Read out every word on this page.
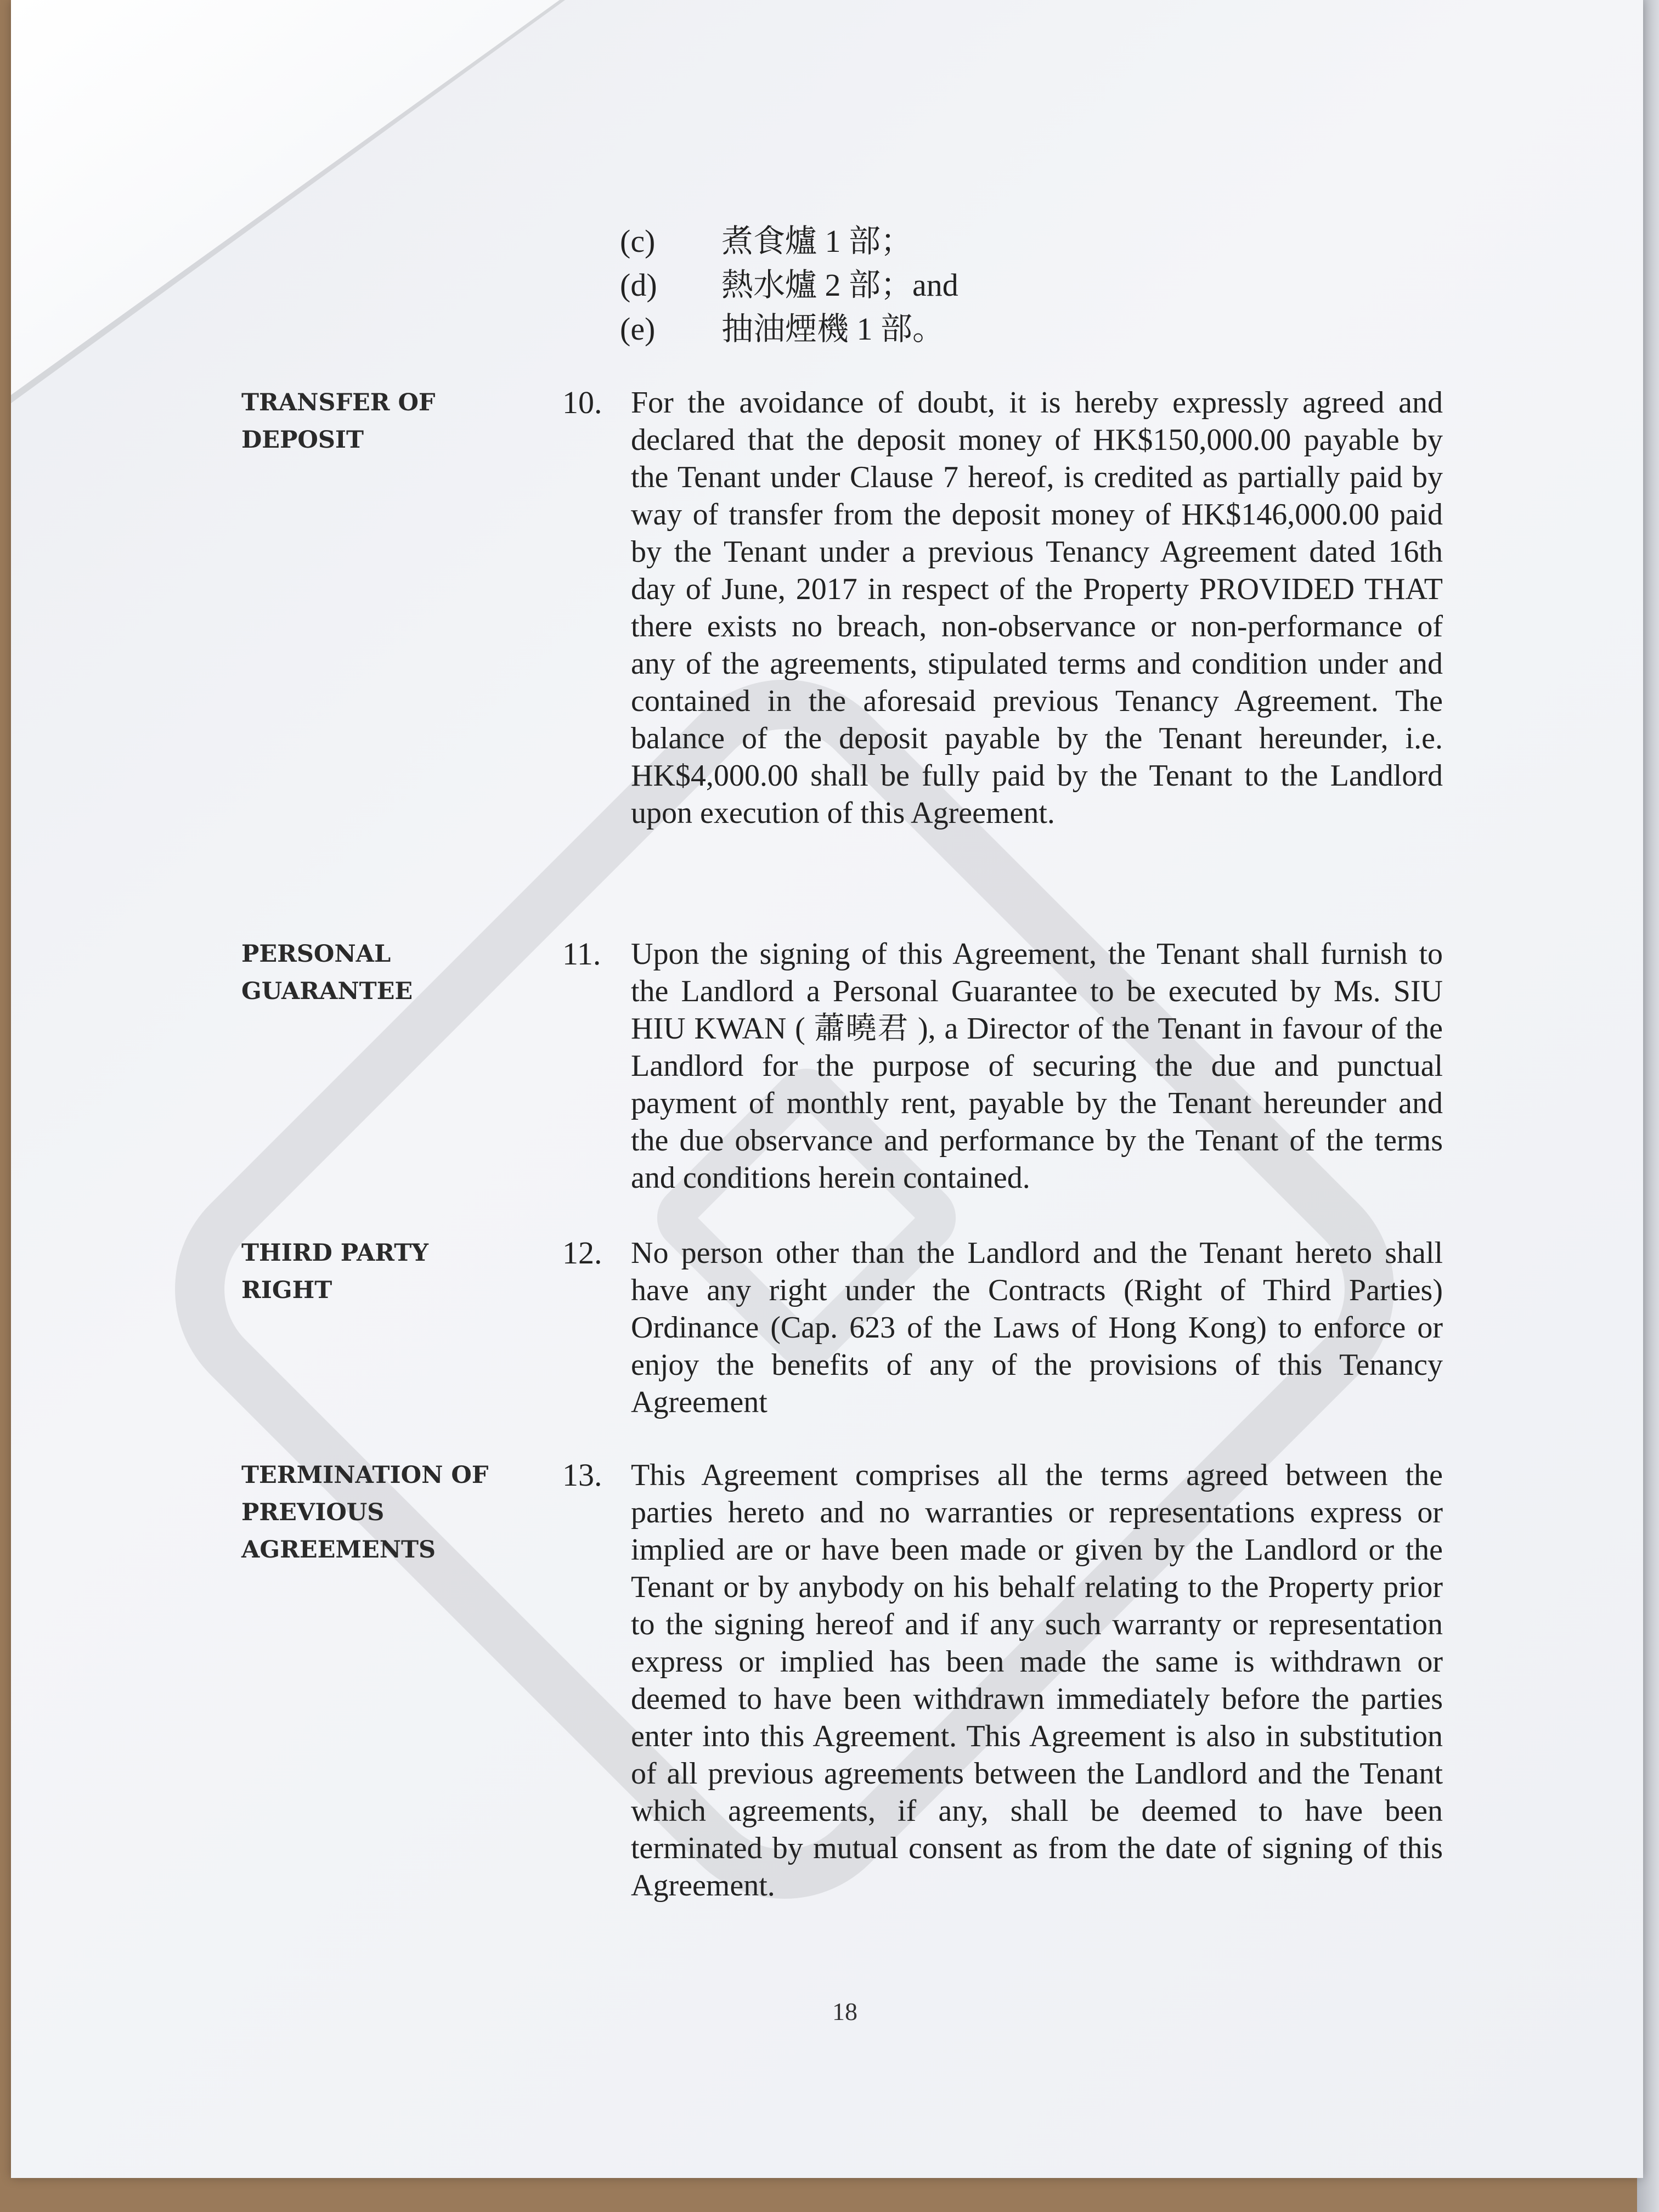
(c)	煮食爐 1 部；
(d)	熱水爐 2 部；and
(e)	抽油煙機 1 部。
TRANSFER OF DEPOSIT
10. For the avoidance of doubt, it is hereby expressly agreed and declared that the deposit money of HK$150,000.00 payable by the Tenant under Clause 7 hereof, is credited as partially paid by way of transfer from the deposit money of HK$146,000.00 paid by the Tenant under a previous Tenancy Agreement dated 16th day of June, 2017 in respect of the Property PROVIDED THAT there exists no breach, non-observance or non-performance of any of the agreements, stipulated terms and condition under and contained in the aforesaid previous Tenancy Agreement. The balance of the deposit payable by the Tenant hereunder, i.e. HK$4,000.00 shall be fully paid by the Tenant to the Landlord upon execution of this Agreement.
PERSONAL GUARANTEE
11. Upon the signing of this Agreement, the Tenant shall furnish to the Landlord a Personal Guarantee to be executed by Ms. SIU HIU KWAN ( 蕭曉君 ), a Director of the Tenant in favour of the Landlord for the purpose of securing the due and punctual payment of monthly rent, payable by the Tenant hereunder and the due observance and performance by the Tenant of the terms and conditions herein contained.
THIRD PARTY RIGHT
12. No person other than the Landlord and the Tenant hereto shall have any right under the Contracts (Right of Third Parties) Ordinance (Cap. 623 of the Laws of Hong Kong) to enforce or enjoy the benefits of any of the provisions of this Tenancy Agreement
TERMINATION OF PREVIOUS AGREEMENTS
13. This Agreement comprises all the terms agreed between the parties hereto and no warranties or representations express or implied are or have been made or given by the Landlord or the Tenant or by anybody on his behalf relating to the Property prior to the signing hereof and if any such warranty or representation express or implied has been made the same is withdrawn or deemed to have been withdrawn immediately before the parties enter into this Agreement. This Agreement is also in substitution of all previous agreements between the Landlord and the Tenant which agreements, if any, shall be deemed to have been terminated by mutual consent as from the date of signing of this Agreement.
18
